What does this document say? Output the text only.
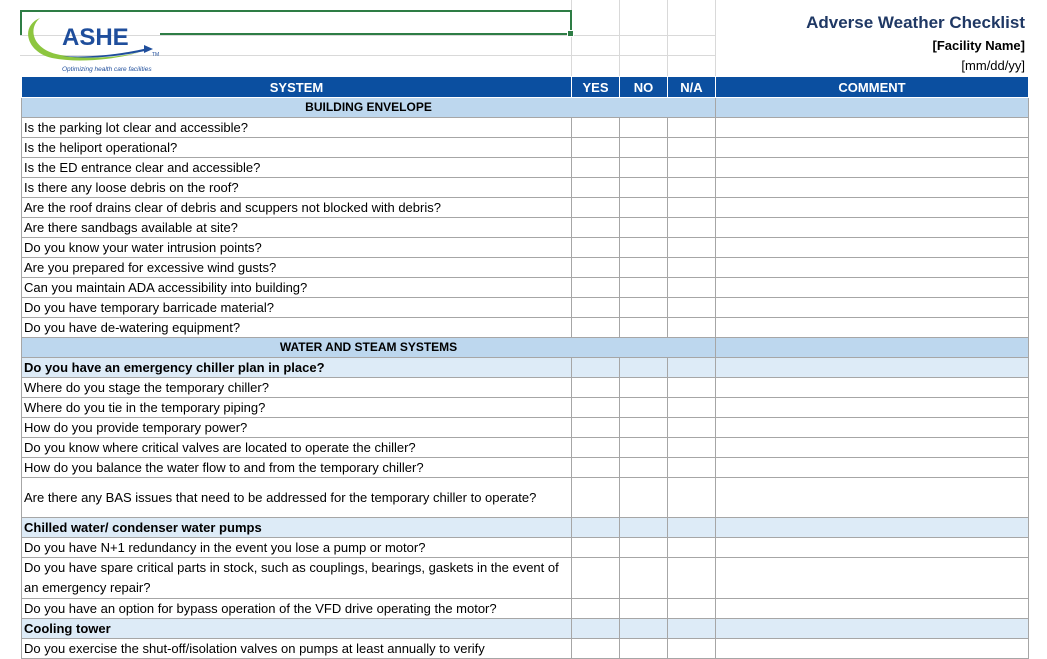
ASHE
TM
Optimizing health care facilities
Adverse Weather Checklist
[Facility Name]
[mm/dd/yy]
SYSTEM	YES	NO	N/A	COMMENT
BUILDING ENVELOPE				
Is the parking lot clear and accessible?				
Is the heliport operational?				
Is the ED entrance clear and accessible?				
Is there any loose debris on the roof?				
Are the roof drains clear of debris and scuppers not blocked with debris?				
Are there sandbags available at site?				
Do you know your water intrusion points?				
Are you prepared for excessive wind gusts?				
Can you maintain ADA accessibility into building?				
Do you have temporary barricade material?				
Do you have de-watering equipment?				
WATER AND STEAM SYSTEMS				
Do you have an emergency chiller plan in place?				
Where do you stage the temporary chiller?				
Where do you tie in the temporary piping?				
How do you provide temporary power?				
Do you know where critical valves are located to operate the chiller?				
How do you balance the water flow to and from the temporary chiller?				
Are there any BAS issues that need to be addressed for the temporary chiller to operate?				
Chilled water/ condenser water pumps				
Do you have N+1 redundancy in the event you lose a pump or motor?				
Do you have spare critical parts in stock, such as couplings, bearings, gaskets in the event of an emergency repair?				
Do you have an option for bypass operation of the VFD drive operating the motor?				
Cooling tower				
Do you exercise the shut-off/isolation valves on pumps at least annually to verify				
